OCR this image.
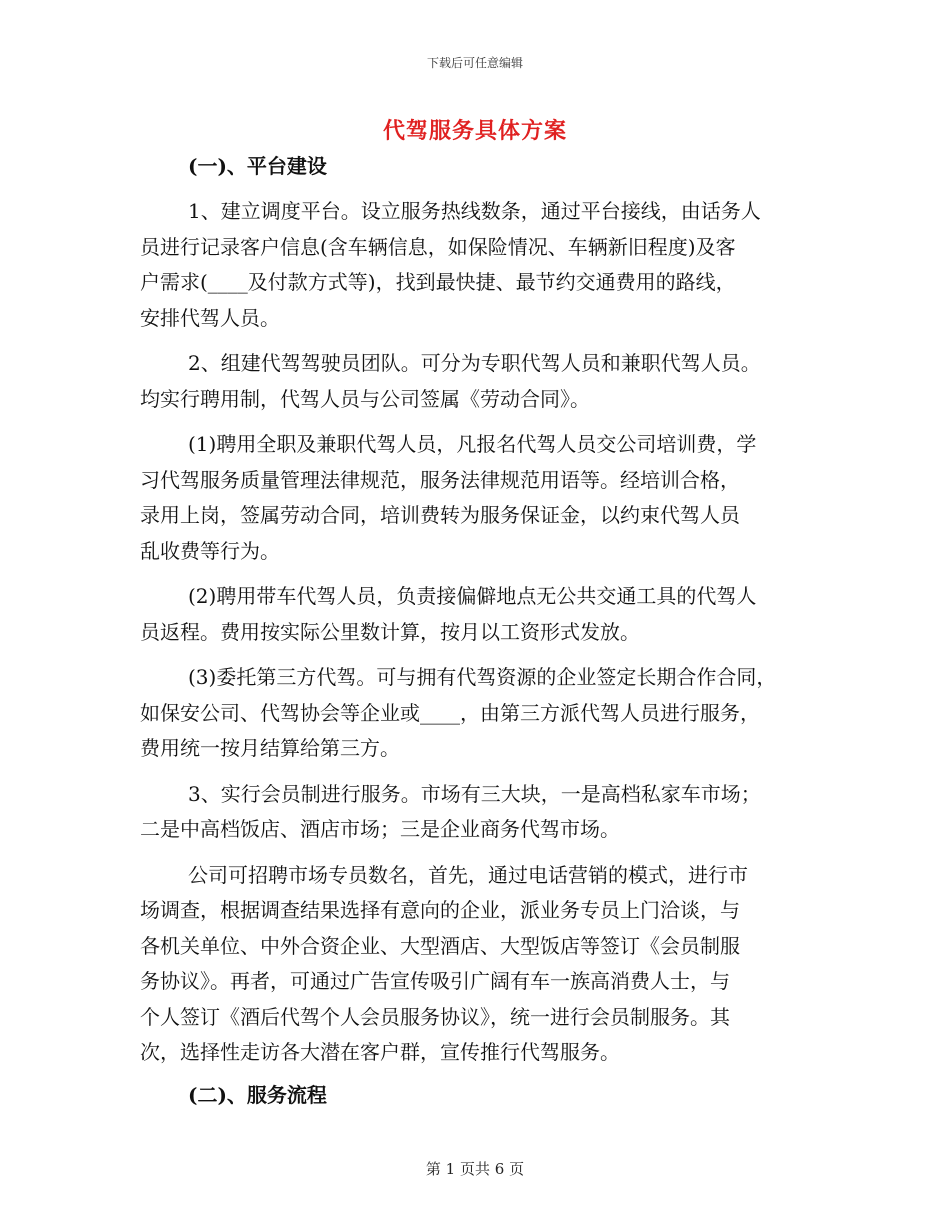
下载后可任意编辑
代驾服务具体方案
(一)、平台建设
1、建立调度平台。设立服务热线数条，通过平台接线，由话务人
员进行记录客户信息(含车辆信息，如保险情况、车辆新旧程度)及客
户需求(____及付款方式等)，找到最快捷、最节约交通费用的路线，
安排代驾人员。
2、组建代驾驾驶员团队。可分为专职代驾人员和兼职代驾人员。
均实行聘用制，代驾人员与公司签属《劳动合同》。
(1)聘用全职及兼职代驾人员，凡报名代驾人员交公司培训费，学
习代驾服务质量管理法律规范，服务法律规范用语等。经培训合格，
录用上岗，签属劳动合同，培训费转为服务保证金，以约束代驾人员
乱收费等行为。
(2)聘用带车代驾人员，负责接偏僻地点无公共交通工具的代驾人
员返程。费用按实际公里数计算，按月以工资形式发放。
(3)委托第三方代驾。可与拥有代驾资源的企业签定长期合作合同，
如保安公司、代驾协会等企业或____，由第三方派代驾人员进行服务，
费用统一按月结算给第三方。
3、实行会员制进行服务。市场有三大块，一是高档私家车市场；
二是中高档饭店、酒店市场；三是企业商务代驾市场。
公司可招聘市场专员数名，首先，通过电话营销的模式，进行市
场调查，根据调查结果选择有意向的企业，派业务专员上门洽谈，与
各机关单位、中外合资企业、大型酒店、大型饭店等签订《会员制服
务协议》。再者，可通过广告宣传吸引广阔有车一族高消费人士，与
个人签订《酒后代驾个人会员服务协议》，统一进行会员制服务。其
次，选择性走访各大潜在客户群，宣传推行代驾服务。
(二)、服务流程
第 1 页共 6 页
